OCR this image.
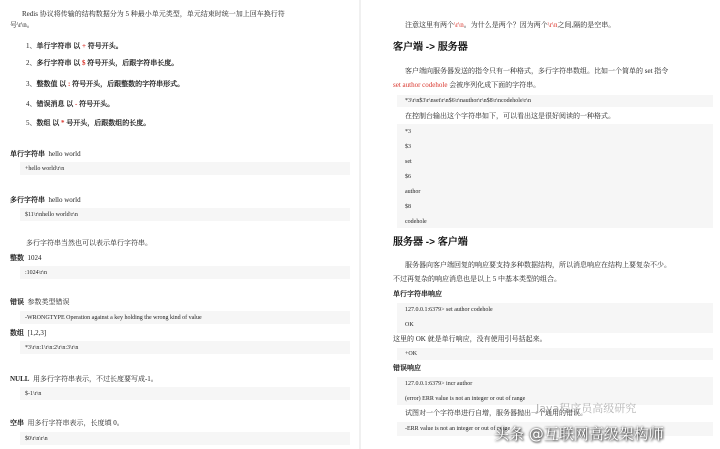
Redis 协议将传输的结构数据分为 5 种最小单元类型，单元结束时统一加上回车换行符
号\r\n。
1、单行字符串 以 + 符号开头。
2、多行字符串 以 $ 符号开头，后跟字符串长度。
3、整数值 以 : 符号开头，后跟整数的字符串形式。
4、错误消息 以 - 符号开头。
5、数组 以 * 号开头，后跟数组的长度。
单行字符串 hello world
+hello world\r\n
多行字符串 hello world
$11\r\nhello world\r\n
多行字符串当然也可以表示单行字符串。
整数 1024
:1024\r\n
错误 参数类型错误
-WRONGTYPE Operation against a key holding the wrong kind of value
数组 [1,2,3]
*3\r\n:1\r\n:2\r\n:3\r\n
NULL 用多行字符串表示，不过长度要写成-1。
$-1\r\n
空串 用多行字符串表示，长度填 0。
$0\r\n\r\n
注意这里有两个\r\n。为什么是两个？因为两个\r\n之间,隔的是空串。
客户端 -> 服务器
客户端向服务器发送的指令只有一种格式，多行字符串数组。比如一个简单的 set 指令
set author codehole 会被序列化成下面的字符串。
*3\r\n$3\r\nset\r\n$6\r\nauthor\r\n$8\r\ncodehole\r\n
在控制台输出这个字符串如下，可以看出这是很好阅读的一种格式。
*3
$3
set
$6
author
$8
codehole
服务器 -> 客户端
服务器向客户端回复的响应要支持多种数据结构，所以消息响应在结构上要复杂不少。
不过再复杂的响应消息也是以上 5 中基本类型的组合。
单行字符串响应
127.0.0.1:6379> set author codehole
OK
这里的 OK 就是单行响应，没有使用引号括起来。
+OK
错误响应
127.0.0.1:6379> incr author
(error) ERR value is not an integer or out of range
试图对一个字符串进行自增，服务器抛出一个通用的错误。
-ERR value is not an integer or out of range
Java程序员高级研究
头条 @互联网高级架构师
